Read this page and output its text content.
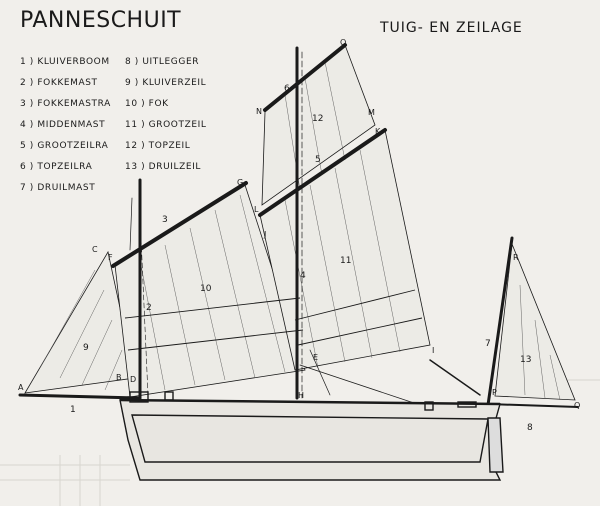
PANNESCHUIT	TUIG- EN ZEILAGE
1 ) KLUIVERBOOM
2 ) FOKKEMAST
3 ) FOKKEMASTRA
4 ) MIDDENMAST
5 ) GROOTZEILRA
6 ) TOPZEILRA
7 ) DRUILMAST
8 ) UITLEGGER
9 ) KLUIVERZEIL
10 ) FOK
11 ) GROOTZEIL
12 ) TOPZEIL
13 ) DRUILZEIL
A
B
C
D
E
F
G
H
I
J
K
L
M
N
O
P
Q
R
1
2
3
4
5
6
7
8
9
10
11
12
13
